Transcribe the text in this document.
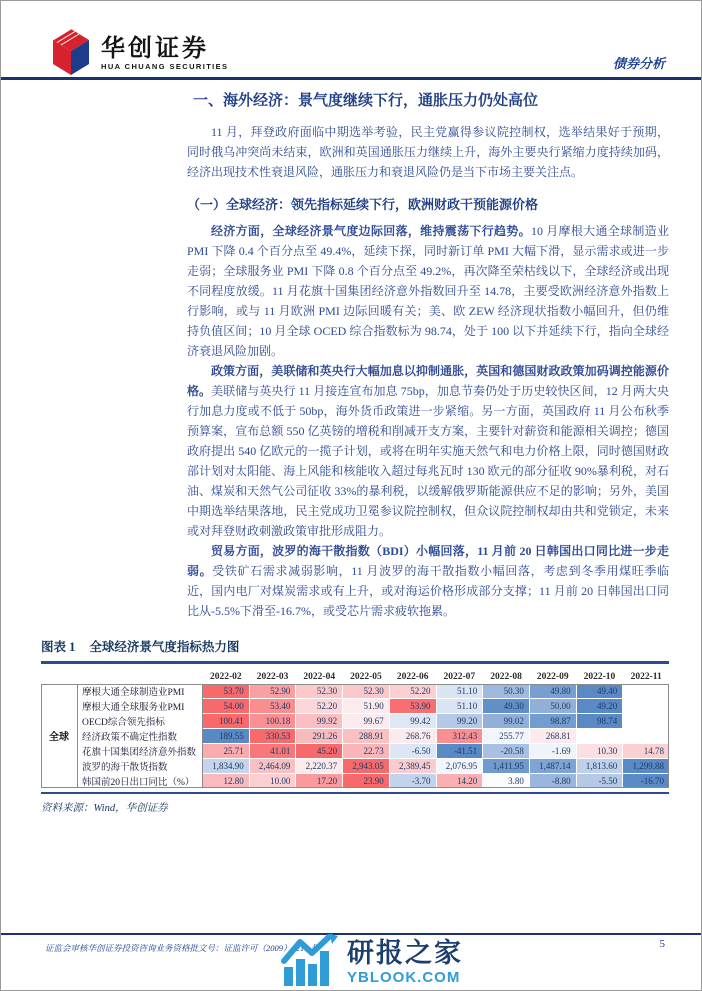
华创证券
HUA CHUANG SECURITIES	债券分析
一、海外经济：景气度继续下行，通胀压力仍处高位

11 月，拜登政府面临中期选举考验，民主党赢得参议院控制权，选举结果好于预期，同时俄乌冲突尚未结束，欧洲和英国通胀压力继续上升，海外主要央行紧缩力度持续加码，经济出现技术性衰退风险，通胀压力和衰退风险仍是当下市场主要关注点。

（一）全球经济：领先指标延续下行，欧洲财政干预能源价格

经济方面，全球经济景气度边际回落，维持震荡下行趋势。10 月摩根大通全球制造业 PMI 下降 0.4 个百分点至 49.4%，延续下探，同时新订单 PMI 大幅下滑，显示需求或进一步走弱；全球服务业 PMI 下降 0.8 个百分点至 49.2%，再次降至荣枯线以下，全球经济或出现不同程度放缓。11 月花旗十国集团经济意外指数回升至 14.78，主要受欧洲经济意外指数上行影响，或与 11 月欧洲 PMI 边际回暖有关；美、欧 ZEW 经济现状指数小幅回升，但仍维持负值区间；10 月全球 OCED 综合指数标为 98.74，处于 100 以下并延续下行，指向全球经济衰退风险加剧。

政策方面，美联储和英央行大幅加息以抑制通胀，英国和德国财政政策加码调控能源价格。美联储与英央行 11 月接连宣布加息 75bp，加息节奏仍处于历史较快区间，12 月两大央行加息力度或不低于 50bp，海外货币政策进一步紧缩。另一方面，英国政府 11 月公布秋季预算案，宣布总额 550 亿英镑的增税和削减开支方案，主要针对薪资和能源相关调控；德国政府提出 540 亿欧元的一揽子计划，或将在明年实施天然气和电力价格上限，同时德国财政部计划对太阳能、海上风能和核能收入超过每兆瓦时 130 欧元的部分征收 90%暴利税，对石油、煤炭和天然气公司征收 33%的暴利税，以缓解俄罗斯能源供应不足的影响；另外，美国中期选举结果落地，民主党成功卫冕参议院控制权，但众议院控制权却由共和党锁定，未来或对拜登财政刺激政策审批形成阻力。

贸易方面，波罗的海干散指数（BDI）小幅回落，11 月前 20 日韩国出口同比进一步走弱。受铁矿石需求减弱影响，11 月波罗的海干散指数小幅回落，考虑到冬季用煤旺季临近，国内电厂对煤炭需求或有上升，或对海运价格形成部分支撑；11 月前 20 日韩国出口同比从-5.5%下滑至-16.7%，或受芯片需求疲软拖累。

图表 1 全球经济景气度指标热力图
2022-02	2022-03	2022-04	2022-05	2022-06	2022-07	2022-08	2022-09	2022-10	2022-11
全球
摩根大通全球制造业PMI	53.70	52.90	52.30	52.30	52.20	51.10	50.30	49.80	49.40
摩根大通全球服务业PMI	54.00	53.40	52.20	51.90	53.90	51.10	49.30	50.00	49.20
OECD综合领先指标	100.41	100.18	99.92	99.67	99.42	99.20	99.02	98.87	98.74
经济政策不确定性指数	189.55	330.53	291.26	288.91	268.76	312.43	255.77	268.81
花旗十国集团经济意外指数	25.71	41.01	45.20	22.73	-6.50	-41.51	-20.58	-1.69	10.30	14.78
波罗的海干散货指数	1,834.90	2,464.09	2,220.37	2,943.05	2,389.45	2,076.95	1,411.95	1,487.14	1,813.60	1,299.88
韩国前20日出口同比（%）	12.80	10.00	17.20	23.90	-3.70	14.20	3.80	-8.80	-5.50	-16.70
资料来源：Wind，华创证券
证监会审核华创证券投资咨询业务资格批文号：证监许可（2009）1210 号	5
研报之家
YBLOOK.COM
